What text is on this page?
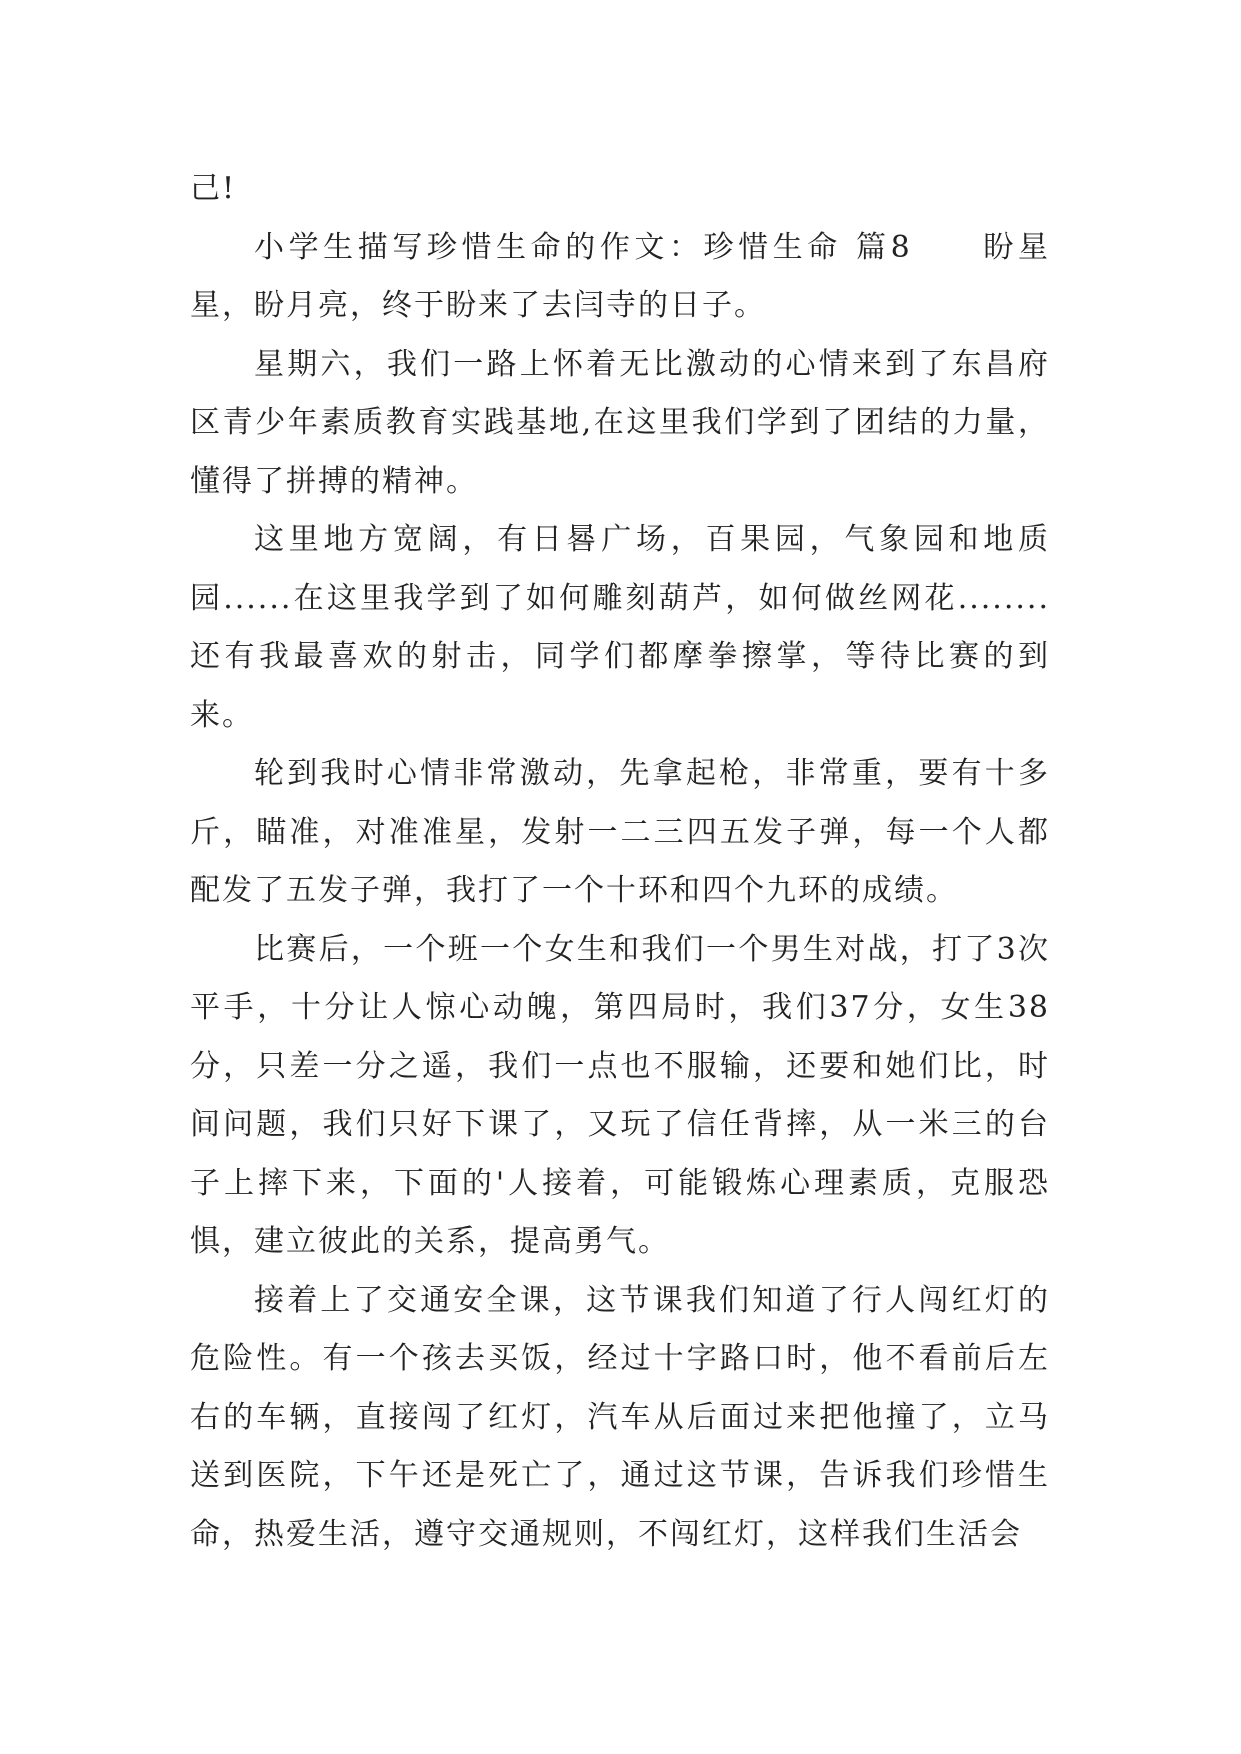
己!

小学生描写珍惜生命的作文：珍惜生命 篇8　　盼星星，盼月亮，终于盼来了去闫寺的日子。

星期六，我们一路上怀着无比激动的心情来到了东昌府区青少年素质教育实践基地,在这里我们学到了团结的力量，懂得了拼搏的精神。

这里地方宽阔，有日晷广场，百果园，气象园和地质园......在这里我学到了如何雕刻葫芦，如何做丝网花........还有我最喜欢的射击，同学们都摩拳擦掌，等待比赛的到来。

轮到我时心情非常激动，先拿起枪，非常重，要有十多斤，瞄准，对准准星，发射一二三四五发子弹，每一个人都配发了五发子弹，我打了一个十环和四个九环的成绩。

比赛后，一个班一个女生和我们一个男生对战，打了3次平手，十分让人惊心动魄，第四局时，我们37分，女生38分，只差一分之遥，我们一点也不服输，还要和她们比，时间问题，我们只好下课了，又玩了信任背摔，从一米三的台子上摔下来，下面的'人接着，可能锻炼心理素质，克服恐惧，建立彼此的关系，提高勇气。

接着上了交通安全课，这节课我们知道了行人闯红灯的危险性。有一个孩去买饭，经过十字路口时，他不看前后左右的车辆，直接闯了红灯，汽车从后面过来把他撞了，立马送到医院，下午还是死亡了，通过这节课，告诉我们珍惜生命，热爱生活，遵守交通规则，不闯红灯，这样我们生活会
